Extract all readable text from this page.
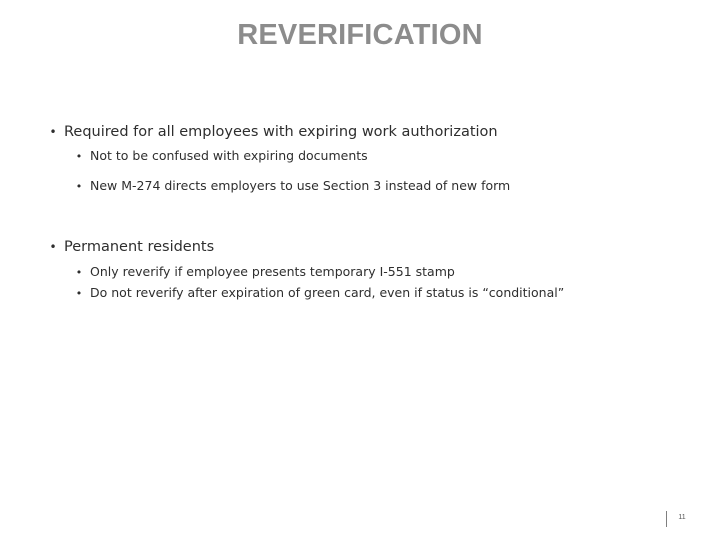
REVERIFICATION
• Required for all employees with expiring work authorization
• Not to be confused with expiring documents
• New M-274 directs employers to use Section 3 instead of new form
• Permanent residents
• Only reverify if employee presents temporary I-551 stamp
• Do not reverify after expiration of green card, even if status is “conditional”
11
